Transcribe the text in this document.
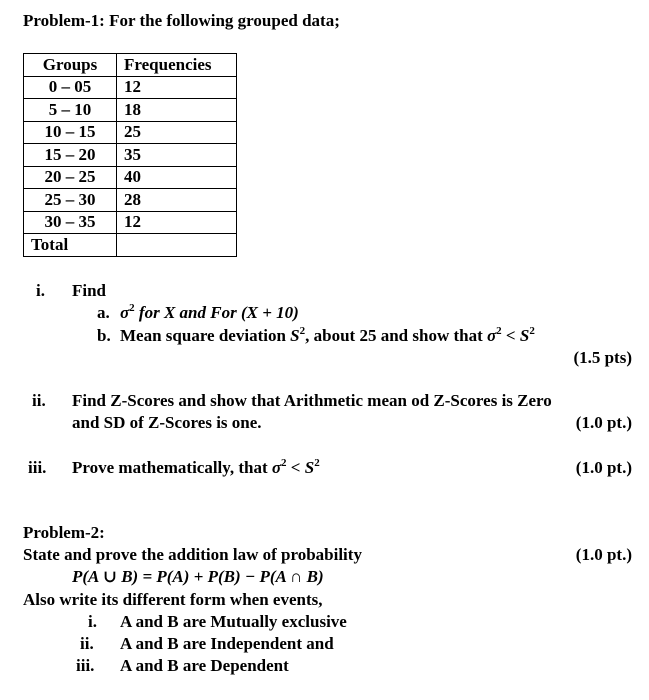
Problem-1: For the following grouped data;
Groups	Frequencies
0 – 05	12
5 – 10	18
10 – 15	25
15 – 20	35
20 – 25	40
25 – 30	28
30 – 35	12
Total	
i. Find
a. $\sigma^2$ for X and For (X + 10)
b. Mean square deviation $S^2$, about 25 and show that $\sigma^2 < S^2$
(1.5 pts)
ii. Find Z-Scores and show that Arithmetic mean od Z-Scores is Zero
and SD of Z-Scores is one.	(1.0 pt.)
iii. Prove mathematically, that $\sigma^2 < S^2$	(1.0 pt.)
Problem-2:
State and prove the addition law of probability	(1.0 pt.)
P(A ∪ B) = P(A) + P(B) − P(A ∩ B)
Also write its different form when events,
i. A and B are Mutually exclusive
ii. A and B are Independent and
iii. A and B are Dependent
